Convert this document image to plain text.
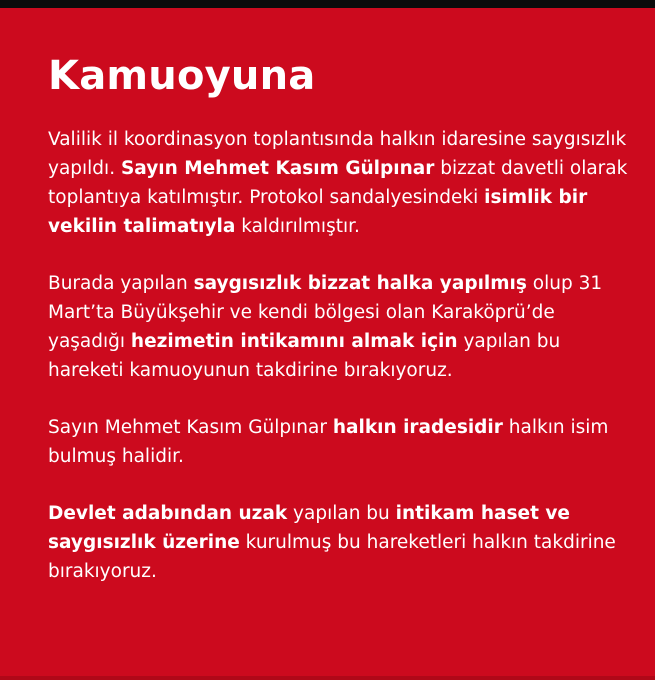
Kamuoyuna

Valilik il koordinasyon toplantısında halkın idaresine saygısızlık yapıldı. Sayın Mehmet Kasım Gülpınar bizzat davetli olarak toplantıya katılmıştır. Protokol sandalyesindeki isimlik bir vekilin talimatıyla kaldırılmıştır.

Burada yapılan saygısızlık bizzat halka yapılmış olup 31 Mart’ta Büyükşehir ve kendi bölgesi olan Karaköprü’de yaşadığı hezimetin intikamını almak için yapılan bu hareketi kamuoyunun takdirine bırakıyoruz.

Sayın Mehmet Kasım Gülpınar halkın iradesidir halkın isim bulmuş halidir.

Devlet adabından uzak yapılan bu intikam haset ve saygısızlık üzerine kurulmuş bu hareketleri halkın takdirine bırakıyoruz.
